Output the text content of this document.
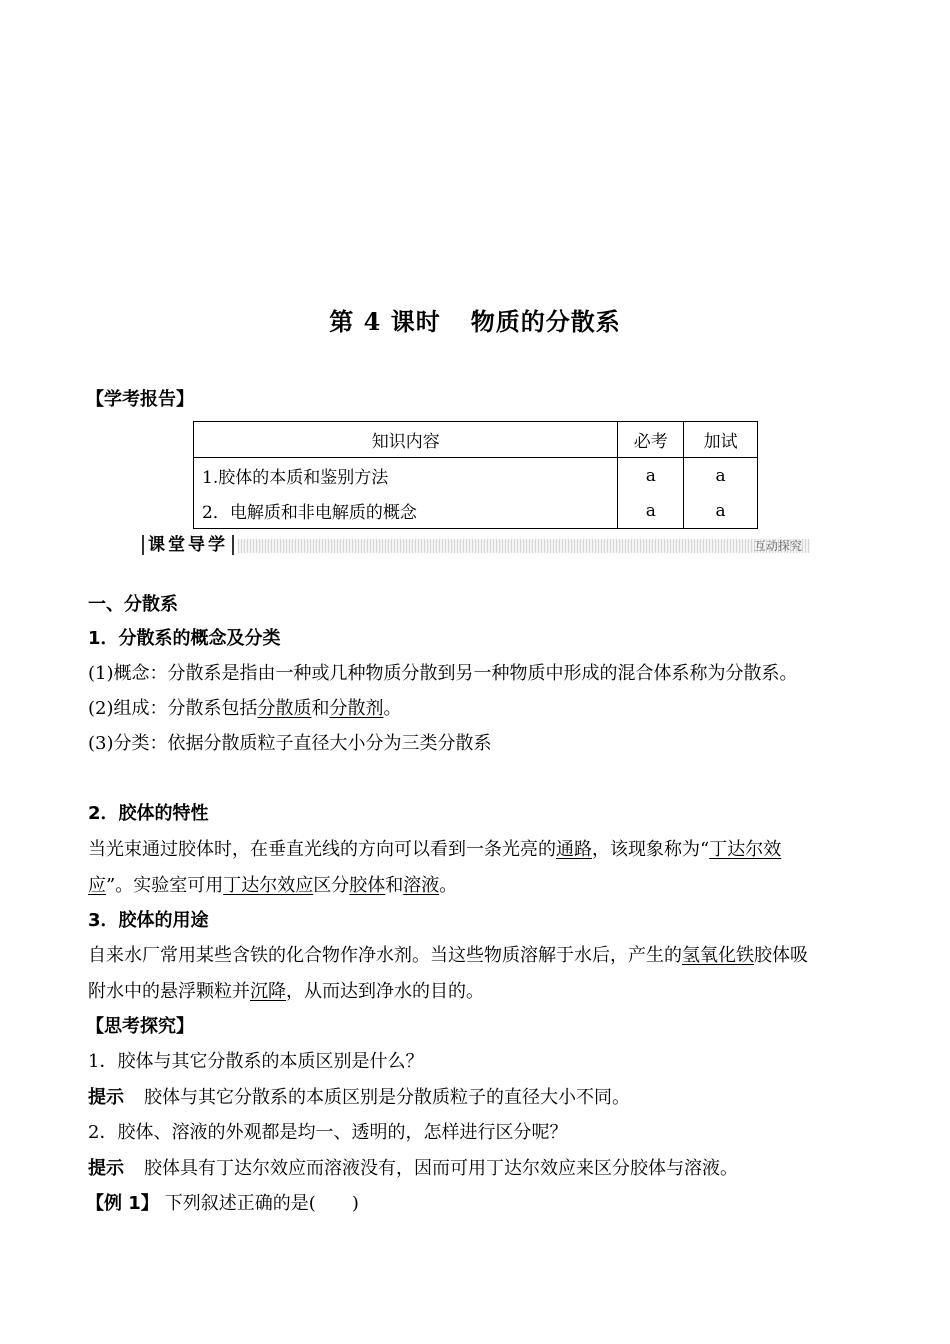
第 4 课时 物质的分散系
【学考报告】
知识内容	必考	加试
1.胶体的本质和鉴别方法	a	a
2．电解质和非电解质的概念	a	a
课堂导学	互动探究
一、分散系
1．分散系的概念及分类
(1)概念：分散系是指由一种或几种物质分散到另一种物质中形成的混合体系称为分散系。
(2)组成：分散系包括分散质和分散剂。
(3)分类：依据分散质粒子直径大小分为三类分散系
2．胶体的特性
当光束通过胶体时，在垂直光线的方向可以看到一条光亮的通路，该现象称为“丁达尔效
应”。实验室可用丁达尔效应区分胶体和溶液。
3．胶体的用途
自来水厂常用某些含铁的化合物作净水剂。当这些物质溶解于水后，产生的氢氧化铁胶体吸
附水中的悬浮颗粒并沉降，从而达到净水的目的。
【思考探究】
1．胶体与其它分散系的本质区别是什么？
提示 胶体与其它分散系的本质区别是分散质粒子的直径大小不同。
2．胶体、溶液的外观都是均一、透明的，怎样进行区分呢？
提示 胶体具有丁达尔效应而溶液没有，因而可用丁达尔效应来区分胶体与溶液。
【例 1】 下列叙述正确的是(　　)
